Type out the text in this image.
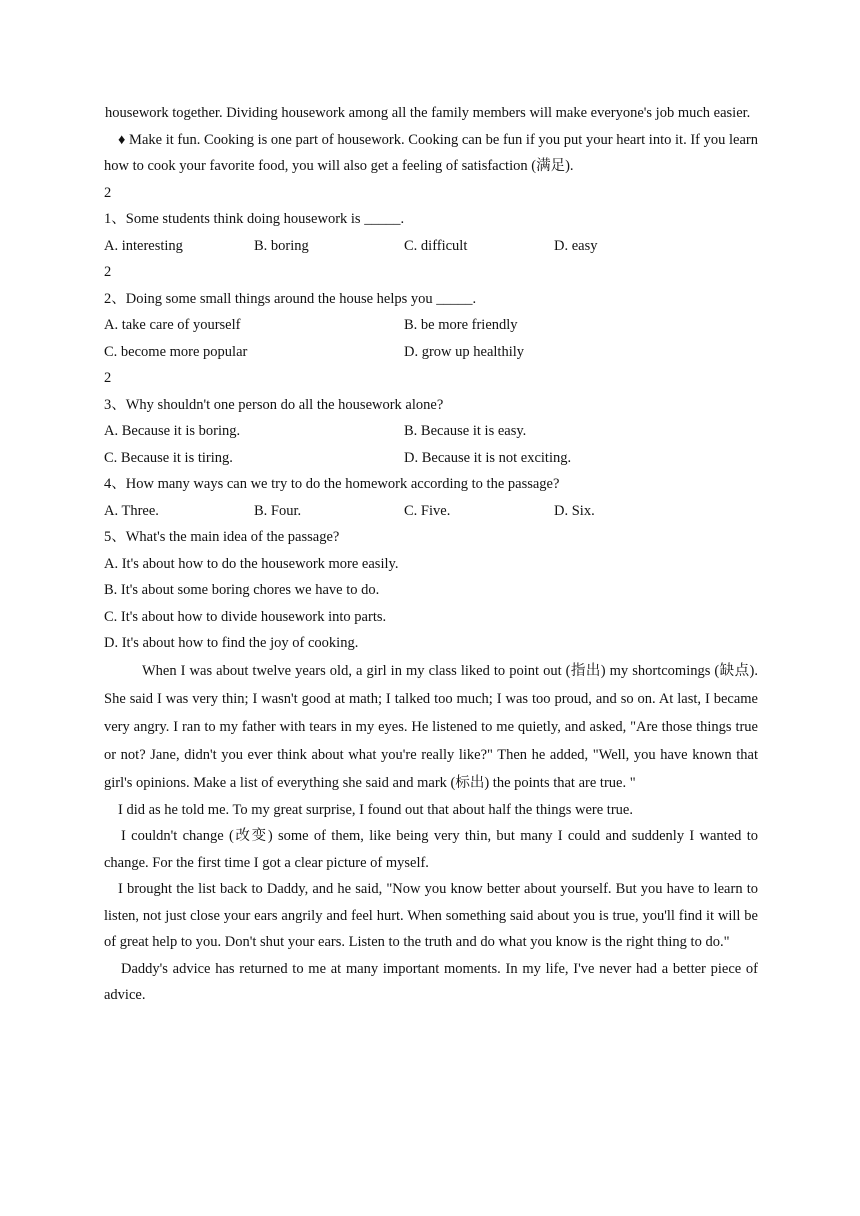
housework together. Dividing housework among all the family members will make everyone's job much easier.

♦ Make it fun. Cooking is one part of housework. Cooking can be fun if you put your heart into it. If you learn how to cook your favorite food, you will also get a feeling of satisfaction (满足).

2

1、Some students think doing housework is _____.

A. interesting	B. boring	C. difficult	D. easy

2

2、Doing some small things around the house helps you _____.

A. take care of yourself	B. be more friendly
C. become more popular	D. grow up healthily

2

3、Why shouldn't one person do all the housework alone?

A. Because it is boring.	B. Because it is easy.
C. Because it is tiring.	D. Because it is not exciting.

4、How many ways can we try to do the homework according to the passage?

A. Three.	B. Four.	C. Five.	D. Six.

5、What's the main idea of the passage?

A. It's about how to do the housework more easily.

B. It's about some boring chores we have to do.

C. It's about how to divide housework into parts.

D. It's about how to find the joy of cooking.

When I was about twelve years old, a girl in my class liked to point out (指出) my shortcomings (缺点). She said I was very thin; I wasn't good at math; I talked too much; I was too proud, and so on. At last, I became very angry. I ran to my father with tears in my eyes. He listened to me quietly, and asked, "Are those things true or not? Jane, didn't you ever think about what you're really like?" Then he added, "Well, you have known that girl's opinions. Make a list of everything she said and mark (标出) the points that are true. "

I did as he told me. To my great surprise, I found out that about half the things were true.

I couldn't change (改变) some of them, like being very thin, but many I could and suddenly I wanted to change. For the first time I got a clear picture of myself.

I brought the list back to Daddy, and he said, "Now you know better about yourself. But you have to learn to listen, not just close your ears angrily and feel hurt. When something said about you is true, you'll find it will be of great help to you. Don't shut your ears. Listen to the truth and do what you know is the right thing to do."

Daddy's advice has returned to me at many important moments. In my life, I've never had a better piece of advice.
